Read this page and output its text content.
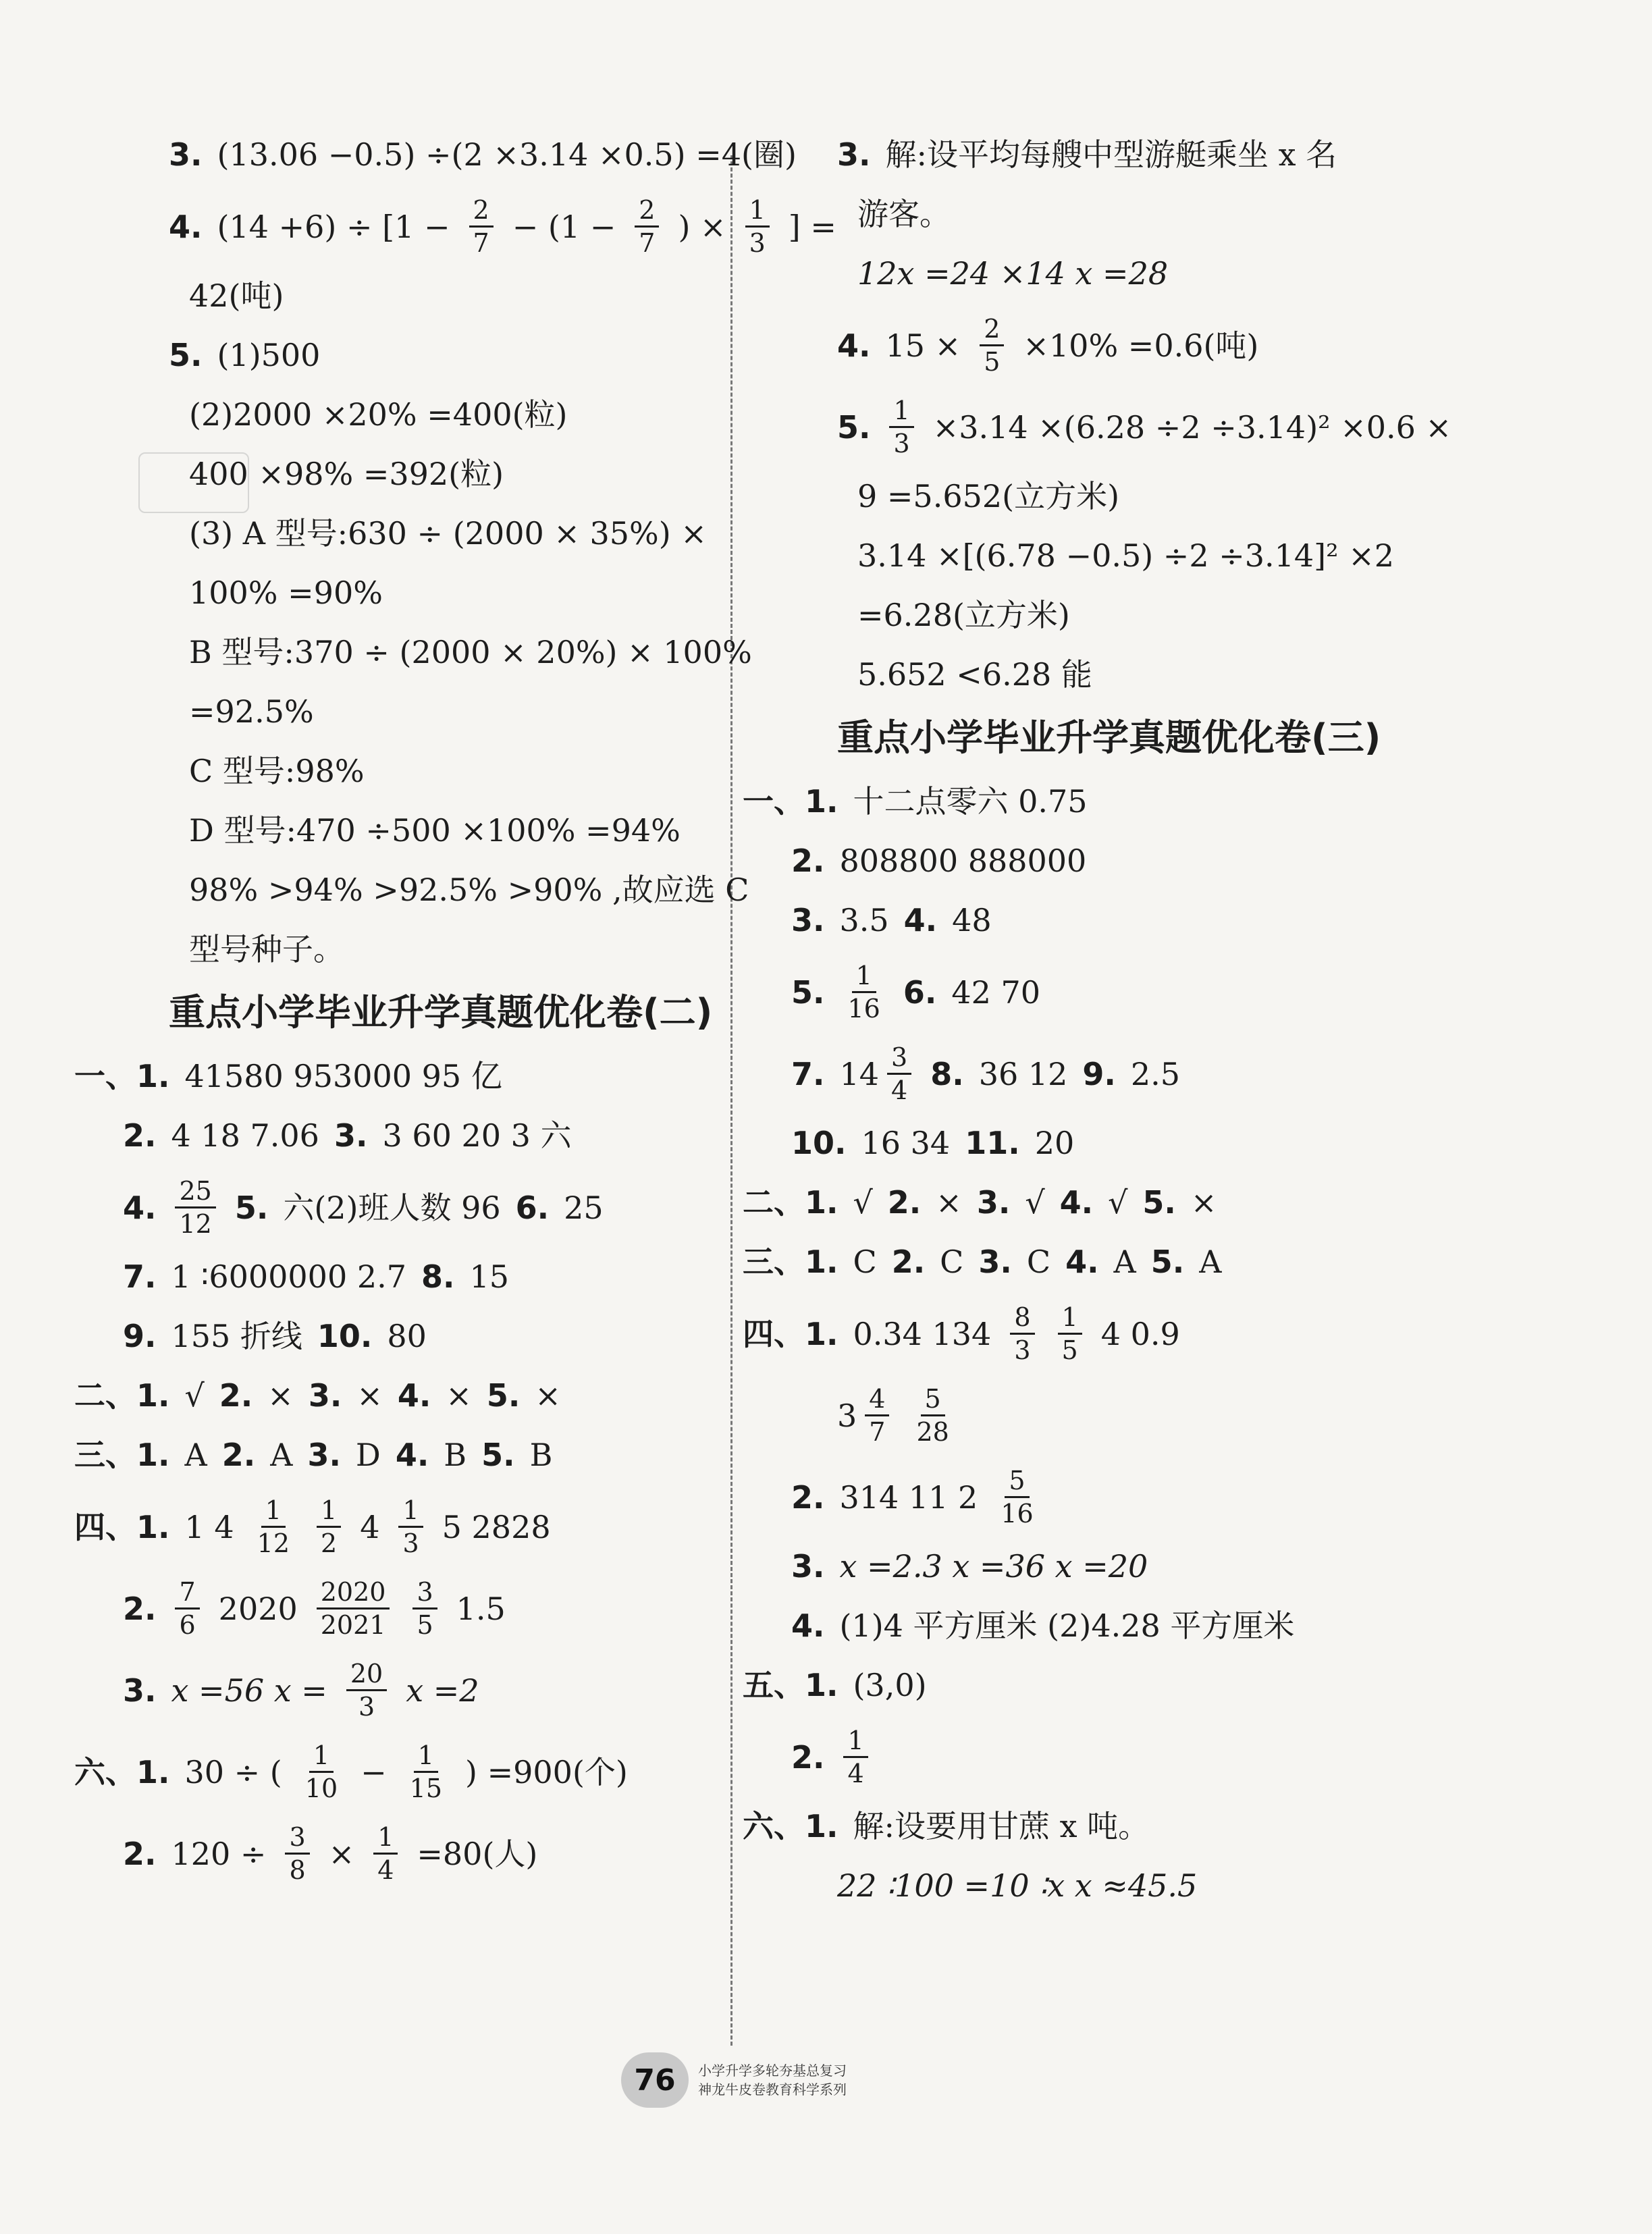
3. (13.06 −0.5) ÷(2 ×3.14 ×0.5) =4(圈)
4. $(14 +6) \div [1 - \frac{2}{7} - (1 - \frac{2}{7}$ ) × $\frac{1}{3}$ ] =
42(吨)
5. (1)500
(2)2000 ×20% =400(粒)
400 ×98% =392(粒)
(3) A 型号:630 ÷ (2000 × 35%) ×
100% =90%
B 型号:370 ÷ (2000 × 20%) × 100%
=92.5%
C 型号:98%
D 型号:470 ÷500 ×100% =94%
98% >94% >92.5% >90% ,故应选 C
型号种子。
重点小学毕业升学真题优化卷(二)
一、1. 41580 953000 95 亿
2. 4 18 7.06 3. 3 60 20 3 六
4. $\frac{25}{12} 5$. 六(2)班人数 96 6. 25
7. 1 ∶6000000 2.7 8. 15
9. 155 折线 10. 80
二、1. √ 2. × 3. × 4. × 5. ×
三、1. A 2. A 3. D 4. B 5. B
四、1. 1 $4 \frac{1}{12} \frac{1}{2} 4 \frac{1}{3} 5$ 2828
2. $\frac{7}{6} 2020 \frac{2020}{2021} \frac{3}{5} 1.5$
3. x =56 $x = \frac{20}{3}$ x =2
六、1. 30 ÷ ( $\frac{1}{10} - \frac{1}{15}$ ) =900(个)
2. $120 \div \frac{3}{8} \times \frac{1}{4} =80$(人)
3. 解:设平均每艘中型游艇乘坐 x 名
游客。
12x =24 ×14 x =28
4. $15 \times \frac{2}{5} \times 10\% =0.6$(吨)
5. $\frac{1}{3} \times 3.14 \times(6.28 \div 2 \div 3.14)^2 \times 0.6$ ×
9 =5.652(立方米)
3.14 ×[(6.78 −0.5) ÷2 ÷3.14]² ×2
=6.28(立方米)
5.652 <6.28 能
重点小学毕业升学真题优化卷(三)
一、1. 十二点零六 0.75
2. 808800 888000
3. 3.5 4. 48
5. $\frac{1}{16} 6$. 42 70
7. $14 \frac{3}{4} 8$. 36 12 9. 2.5
10. 16 34 11. 20
二、1. √ 2. × 3. √ 4. √ 5. ×
三、1. C 2. C 3. C 4. A 5. A
四、1. 0.34 $134 \frac{8}{3} \frac{1}{5} 4$ 0.9
$3 \frac{4}{7} \frac{5}{28}$
2. 314 11 $2 \frac{5}{16}$
3. x =2.3 x =36 x =20
4. (1)4 平方厘米 (2)4.28 平方厘米
五、1. (3,0)
2. $\frac{1}{4}$
六、1. 解:设要用甘蔗 x 吨。
22 ∶100 =10 ∶x x ≈45.5
76	小学升学多轮夯基总复习
神龙牛皮卷教育科学系列
